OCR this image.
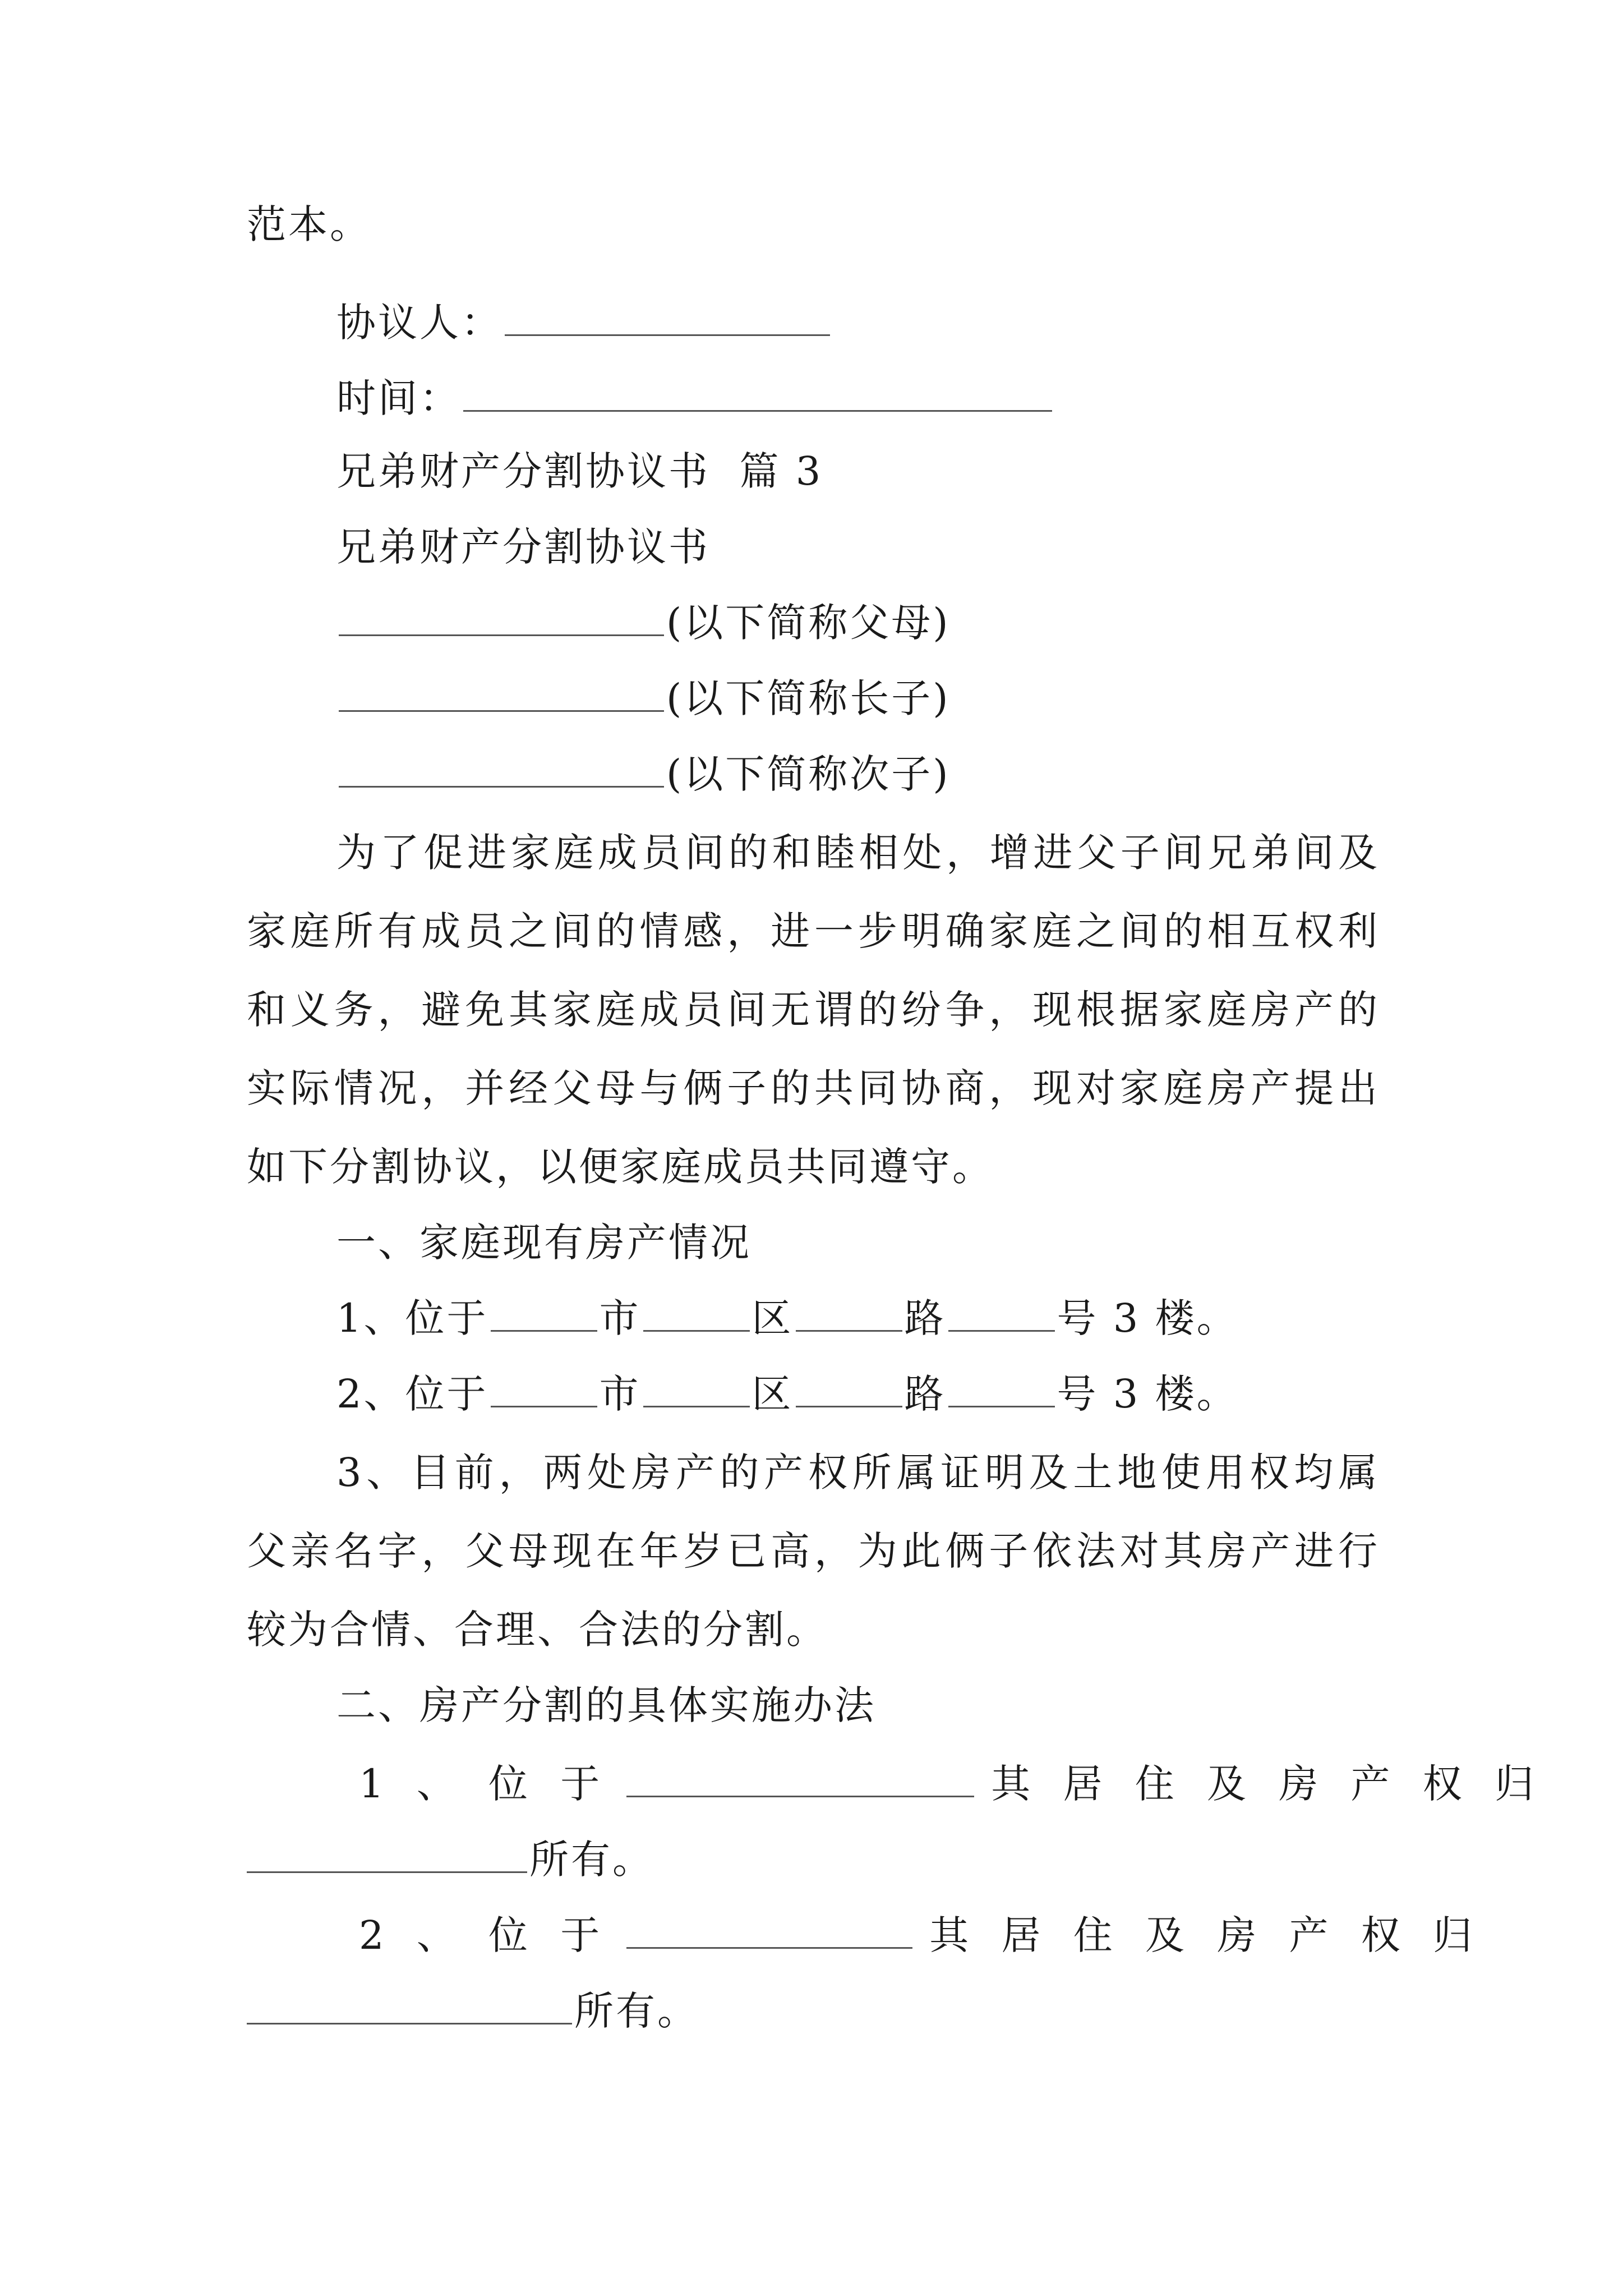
范本。
协议人：
时间：
兄弟财产分割协议书  篇 3
兄弟财产分割协议书
(以下简称父母)
(以下简称长子)
(以下简称次子)
为了促进家庭成员间的和睦相处，增进父子间兄弟间及
家庭所有成员之间的情感，进一步明确家庭之间的相互权利
和义务，避免其家庭成员间无谓的纷争，现根据家庭房产的
实际情况，并经父母与俩子的共同协商，现对家庭房产提出
如下分割协议，以便家庭成员共同遵守。
一、家庭现有房产情况
1、位于	市	区	路	号 3 楼。
2、位于	市	区	路	号 3 楼。
3、目前，两处房产的产权所属证明及土地使用权均属
父亲名字，父母现在年岁已高，为此俩子依法对其房产进行
较为合情、合理、合法的分割。
二、房产分割的具体实施办法
1 、 位 于	其 居 住 及 房 产 权 归
所有。
2 、 位 于	其 居 住 及 房 产 权 归
所有。
